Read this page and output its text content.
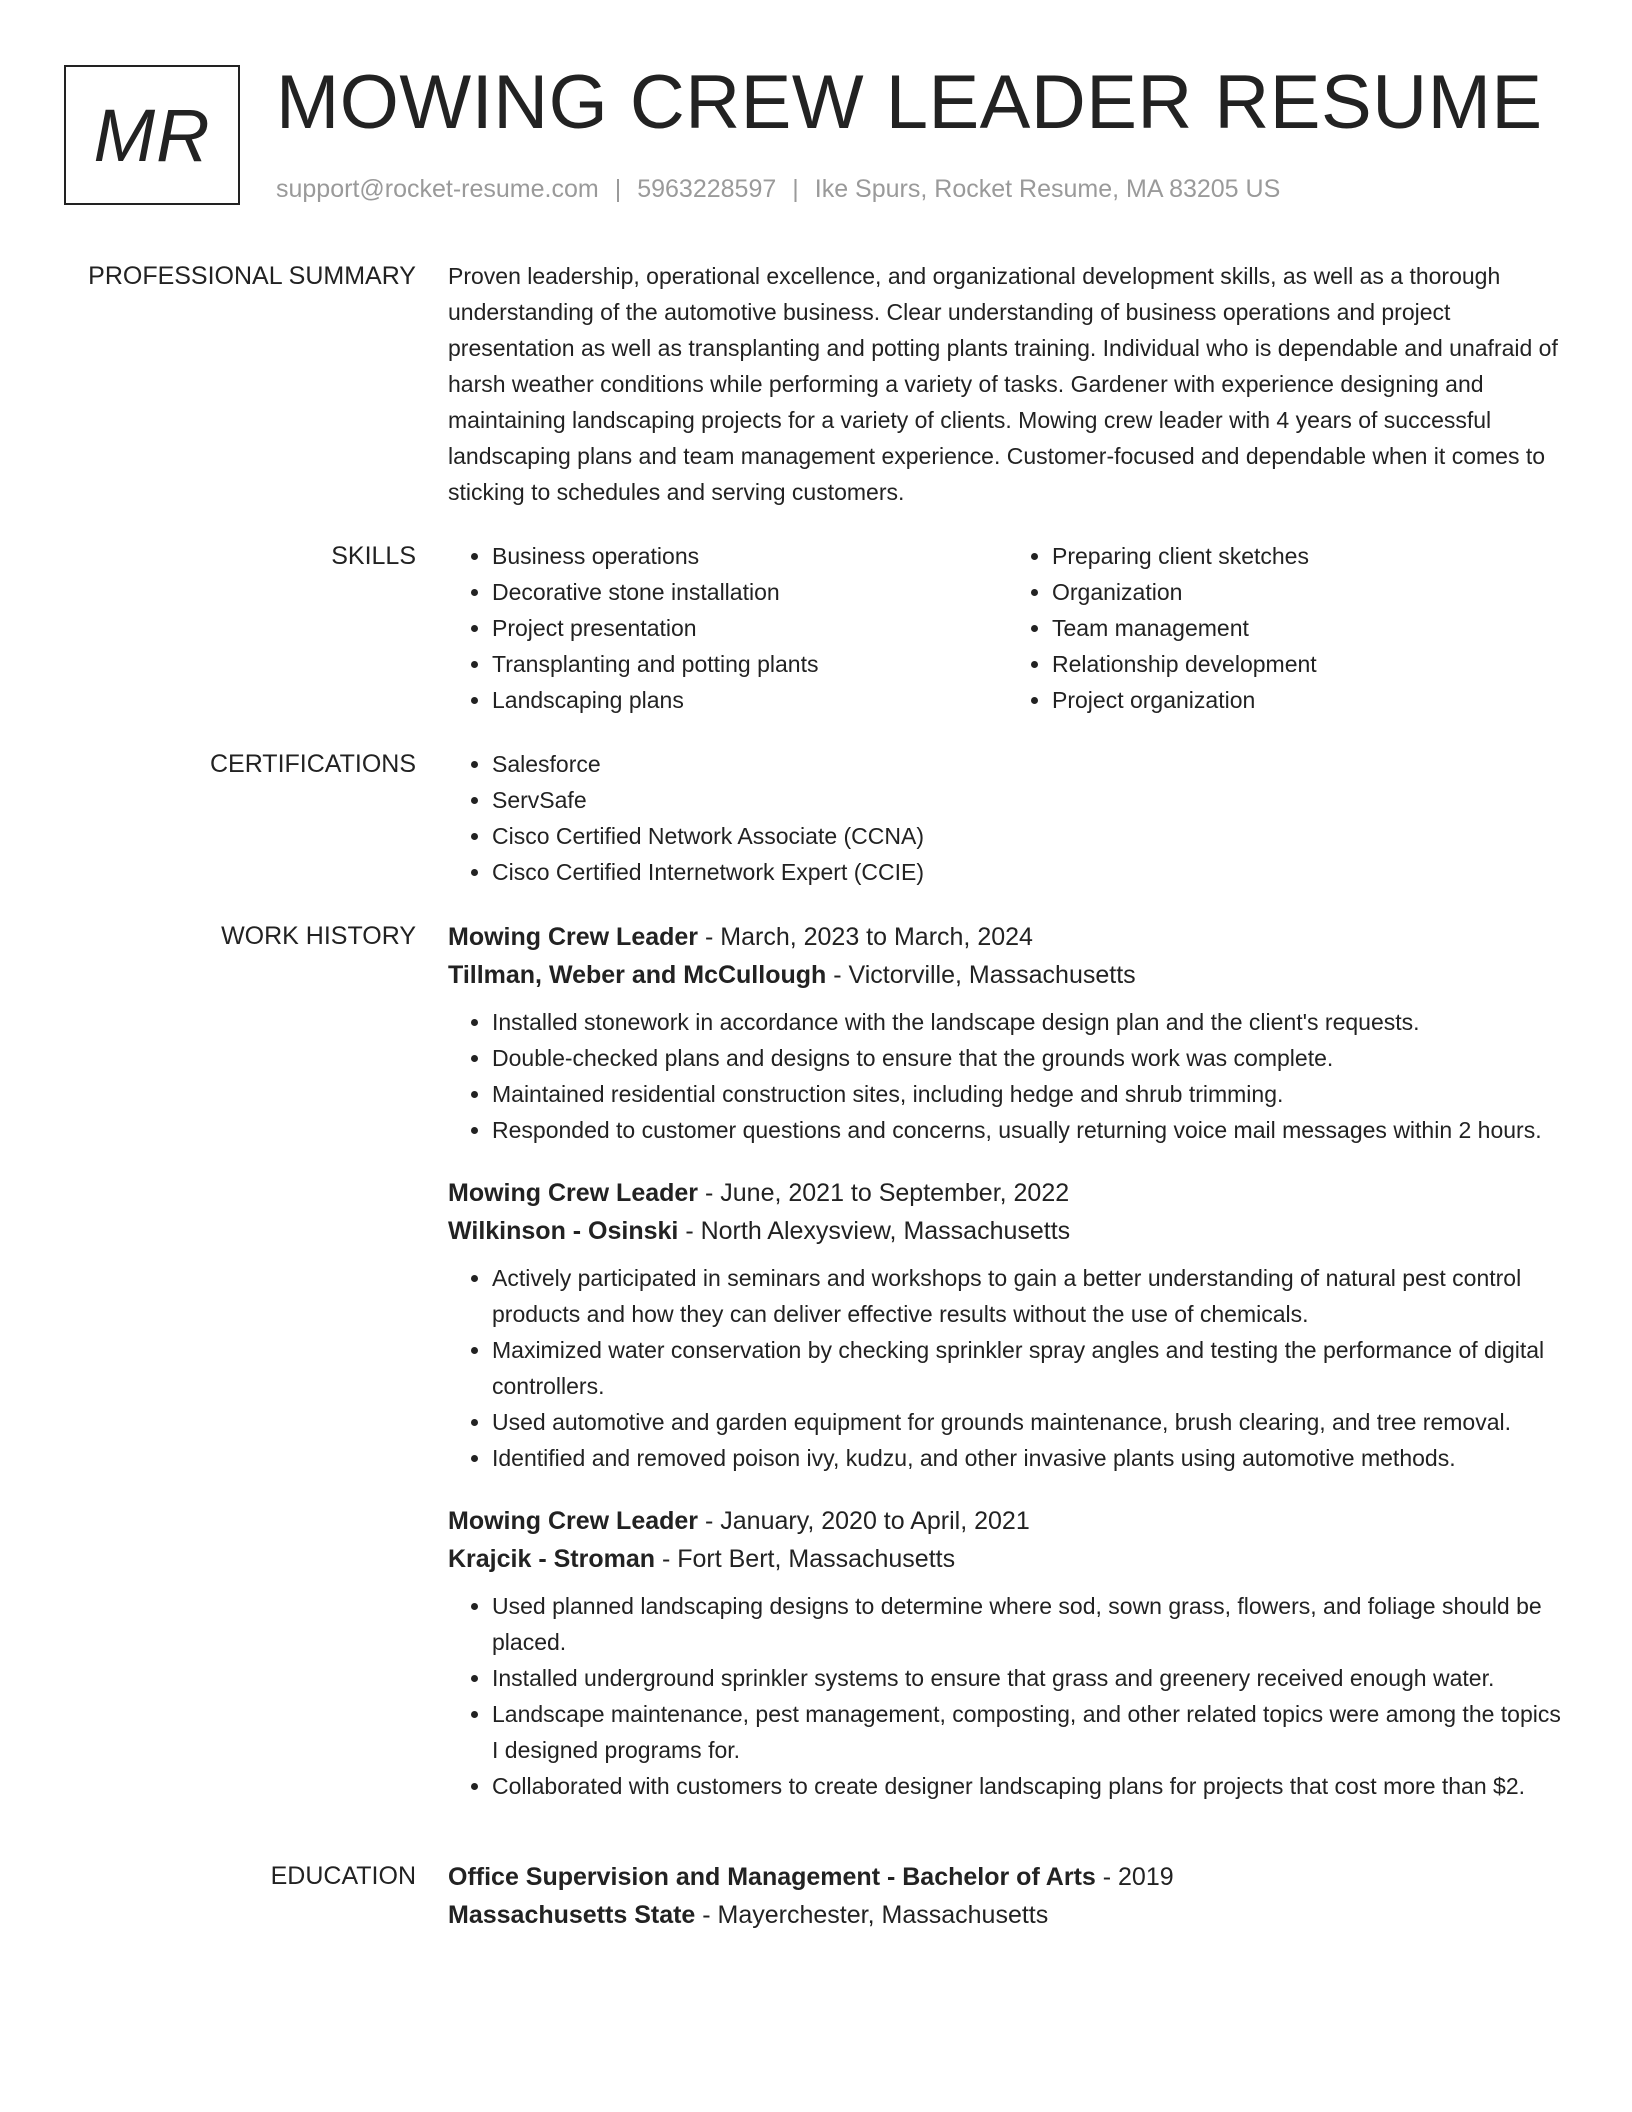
MR MOWING CREW LEADER RESUME
support@rocket-resume.com | 5963228597 | Ike Spurs, Rocket Resume, MA 83205 US
PROFESSIONAL SUMMARY Proven leadership, operational excellence, and organizational development skills, as well as a thorough understanding of the automotive business. Clear understanding of business operations and project presentation as well as transplanting and potting plants training. Individual who is dependable and unafraid of harsh weather conditions while performing a variety of tasks. Gardener with experience designing and maintaining landscaping projects for a variety of clients. Mowing crew leader with 4 years of successful landscaping plans and team management experience. Customer-focused and dependable when it comes to sticking to schedules and serving customers.

SKILLS	• Business operations
• Decorative stone installation
• Project presentation
• Transplanting and potting plants
• Landscaping plans
• Preparing client sketches
• Organization
• Team management
• Relationship development
• Project organization
CERTIFICATIONS	• Salesforce
• ServSafe
• Cisco Certified Network Associate (CCNA)
• Cisco Certified Internetwork Expert (CCIE)
WORK HISTORY Mowing Crew Leader - March, 2023 to March, 2024
Tillman, Weber and McCullough - Victorville, Massachusetts
• Installed stonework in accordance with the landscape design plan and the client's requests.
• Double-checked plans and designs to ensure that the grounds work was complete.
• Maintained residential construction sites, including hedge and shrub trimming.
• Responded to customer questions and concerns, usually returning voice mail messages within 2 hours.
Mowing Crew Leader - June, 2021 to September, 2022
Wilkinson - Osinski - North Alexysview, Massachusetts
• Actively participated in seminars and workshops to gain a better understanding of natural pest control products and how they can deliver effective results without the use of chemicals.
• Maximized water conservation by checking sprinkler spray angles and testing the performance of digital controllers.
• Used automotive and garden equipment for grounds maintenance, brush clearing, and tree removal.
• Identified and removed poison ivy, kudzu, and other invasive plants using automotive methods.
Mowing Crew Leader - January, 2020 to April, 2021
Krajcik - Stroman - Fort Bert, Massachusetts
• Used planned landscaping designs to determine where sod, sown grass, flowers, and foliage should be placed.
• Installed underground sprinkler systems to ensure that grass and greenery received enough water.
• Landscape maintenance, pest management, composting, and other related topics were among the topics I designed programs for.
• Collaborated with customers to create designer landscaping plans for projects that cost more than $2.
EDUCATION Office Supervision and Management - Bachelor of Arts - 2019
Massachusetts State - Mayerchester, Massachusetts
